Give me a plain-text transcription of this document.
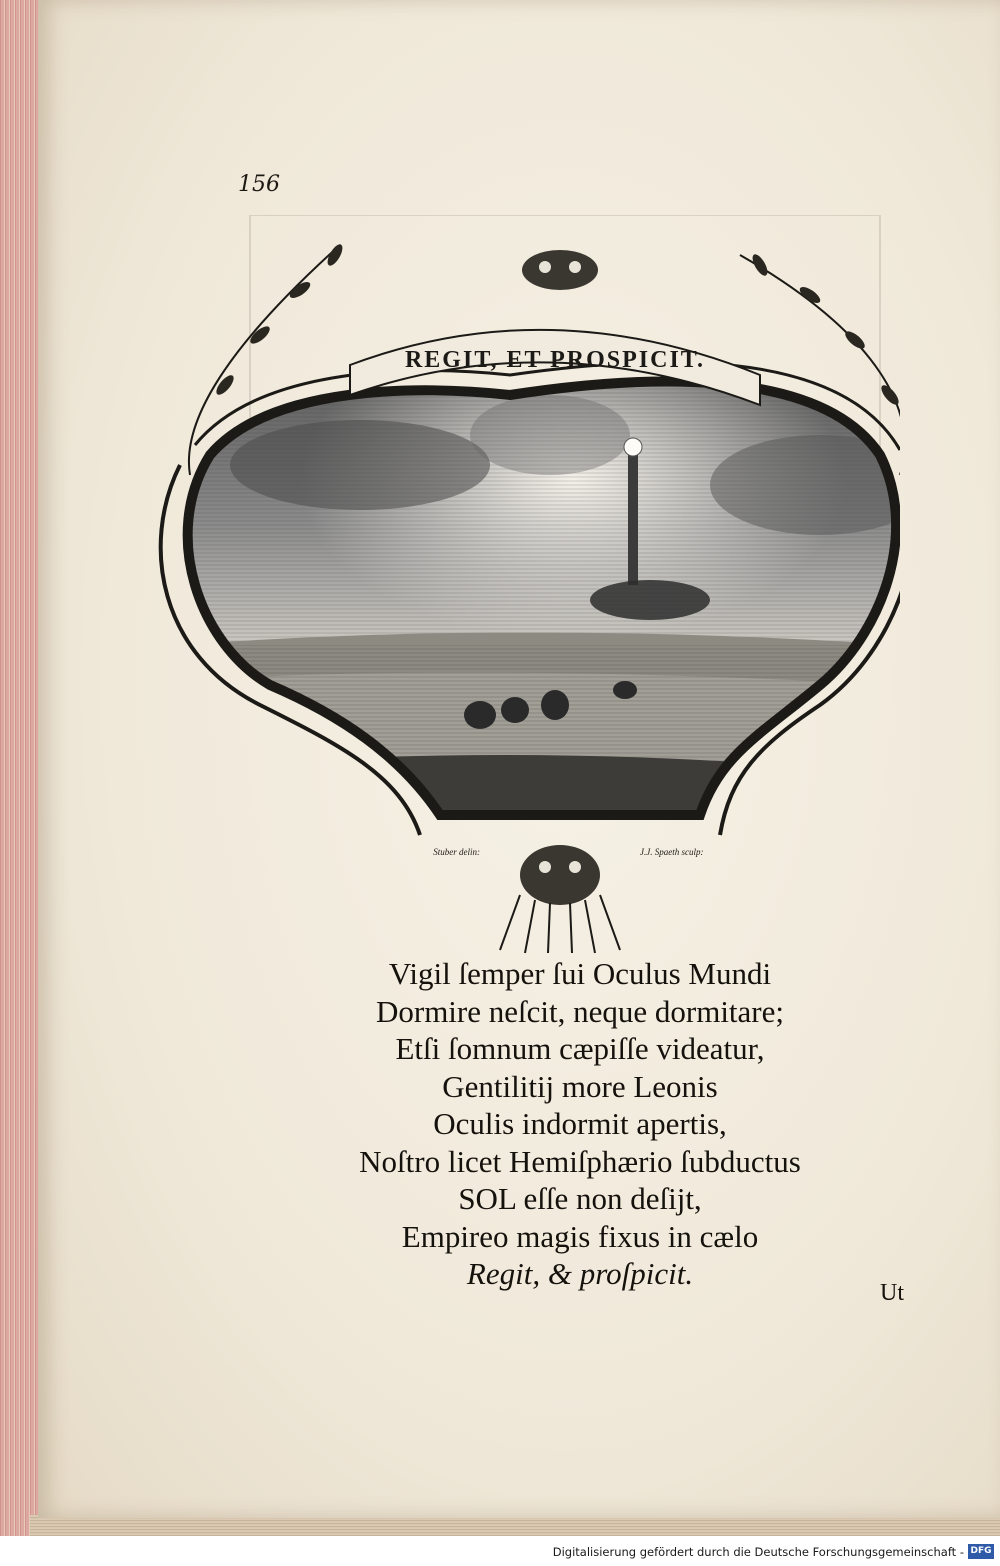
156
REGIT, ET PROSPICIT.
Stuber delin:	J.J. Spaeth sculp:
Vigil ſemper ſui Oculus Mundi
Dormire neſcit, neque dormitare;
Etſi ſomnum cæpiſſe videatur,
Gentilitij more Leonis
Oculis indormit apertis,
Noſtro licet Hemiſphærio ſubductus
SOL eſſe non deſijt,
Empireo magis fixus in cælo
Regit, & proſpicit.
Ut
Digitalisierung gefördert durch die Deutsche Forschungsgemeinschaft - DFG
